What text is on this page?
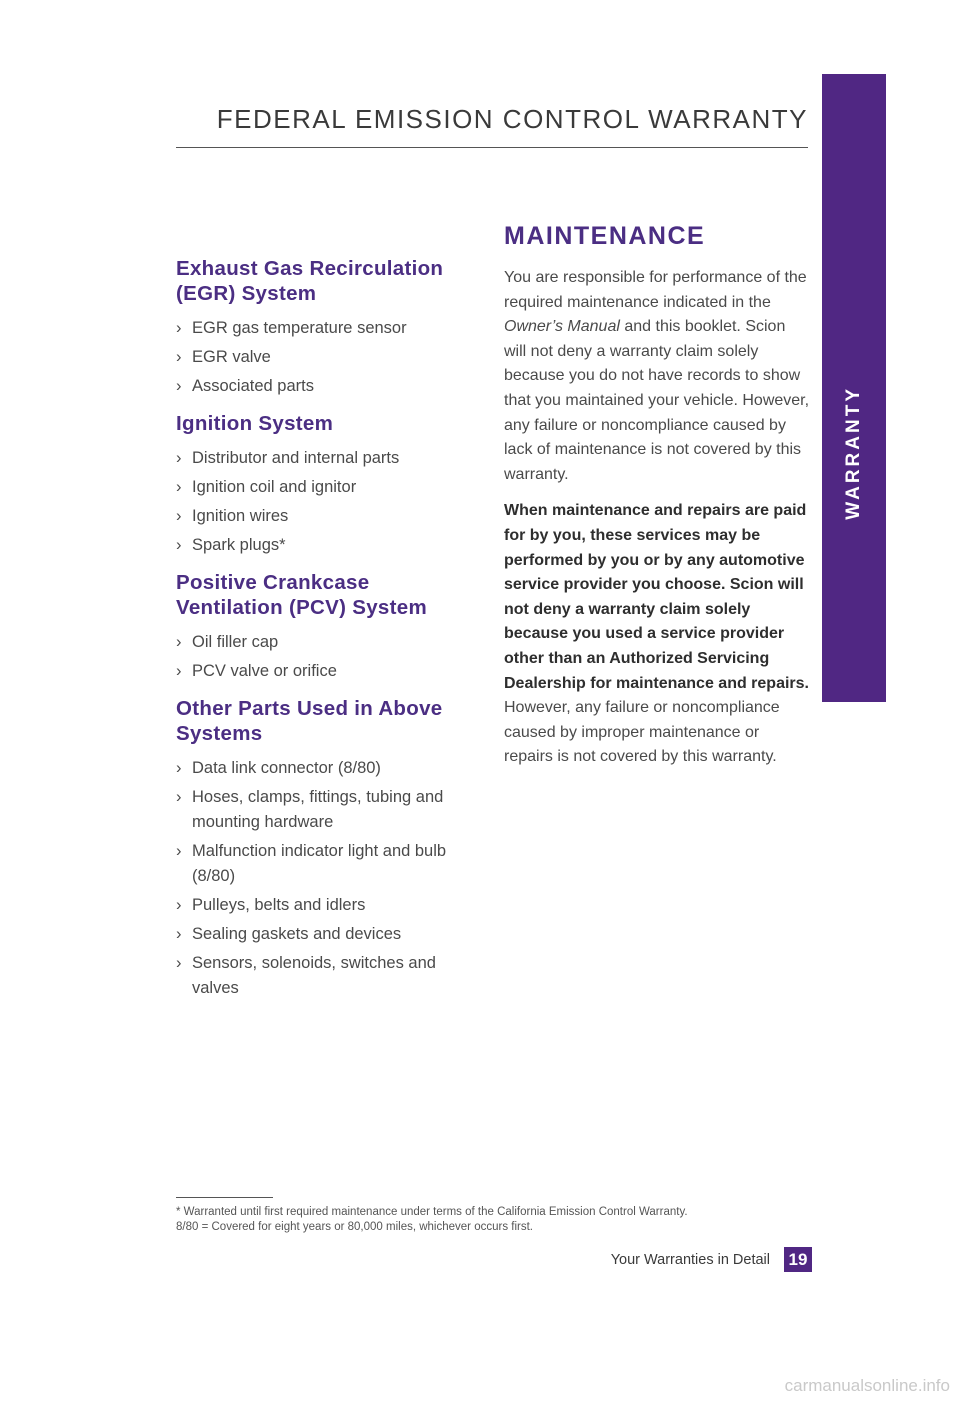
FEDERAL EMISSION CONTROL WARRANTY
WARRANTY
Exhaust Gas Recirculation (EGR) System
› EGR gas temperature sensor
› EGR valve
› Associated parts
Ignition System
› Distributor and internal parts
› Ignition coil and ignitor
› Ignition wires
› Spark plugs*
Positive Crankcase Ventilation (PCV) System
› Oil filler cap
› PCV valve or orifice
Other Parts Used in Above Systems
› Data link connector (8/80)
› Hoses, clamps, fittings, tubing and mounting hardware
› Malfunction indicator light and bulb (8/80)
› Pulleys, belts and idlers
› Sealing gaskets and devices
› Sensors, solenoids, switches and valves
MAINTENANCE

You are responsible for performance of the required maintenance indicated in the Owner’s Manual and this booklet. Scion will not deny a warranty claim solely because you do not have records to show that you maintained your vehicle. However, any failure or noncompliance caused by lack of maintenance is not covered by this warranty.

When maintenance and repairs are paid for by you, these services may be performed by you or by any automotive service provider you choose. Scion will not deny a warranty claim solely because you used a service provider other than an Authorized Servicing Dealership for maintenance and repairs. However, any failure or noncompliance caused by improper maintenance or repairs is not covered by this warranty.

* Warranted until first required maintenance under terms of the California Emission Control Warranty.
8/80 = Covered for eight years or 80,000 miles, whichever occurs first.
Your Warranties in Detail 19
carmanualsonline.info
